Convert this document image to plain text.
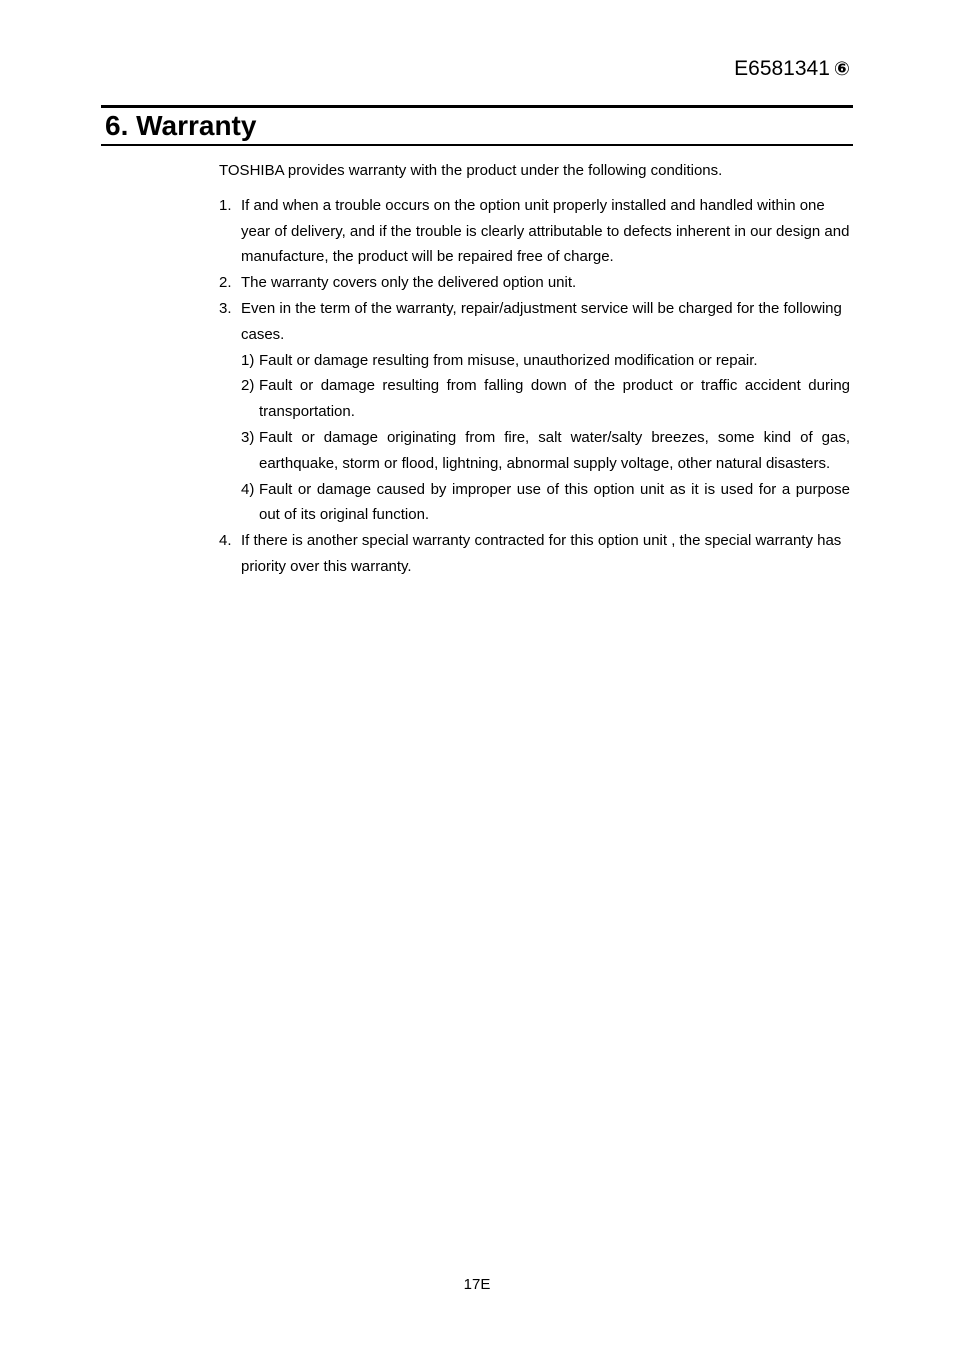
E6581341 ⑥
6. Warranty
TOSHIBA provides warranty with the product under the following conditions.
1. If and when a trouble occurs on the option unit properly installed and handled within one year of delivery, and if the trouble is clearly attributable to defects inherent in our design and manufacture, the product will be repaired free of charge.
2. The warranty covers only the delivered option unit.
3. Even in the term of the warranty, repair/adjustment service will be charged for the following cases.
1) Fault or damage resulting from misuse, unauthorized modification or repair.
2) Fault or damage resulting from falling down of the product or traffic accident during transportation.
3) Fault or damage originating from fire, salt water/salty breezes, some kind of gas, earthquake, storm or flood, lightning, abnormal supply voltage, other natural disasters.
4) Fault or damage caused by improper use of this option unit as it is used for a purpose out of its original function.
4. If there is another special warranty contracted for this option unit , the special warranty has priority over this warranty.
17E
